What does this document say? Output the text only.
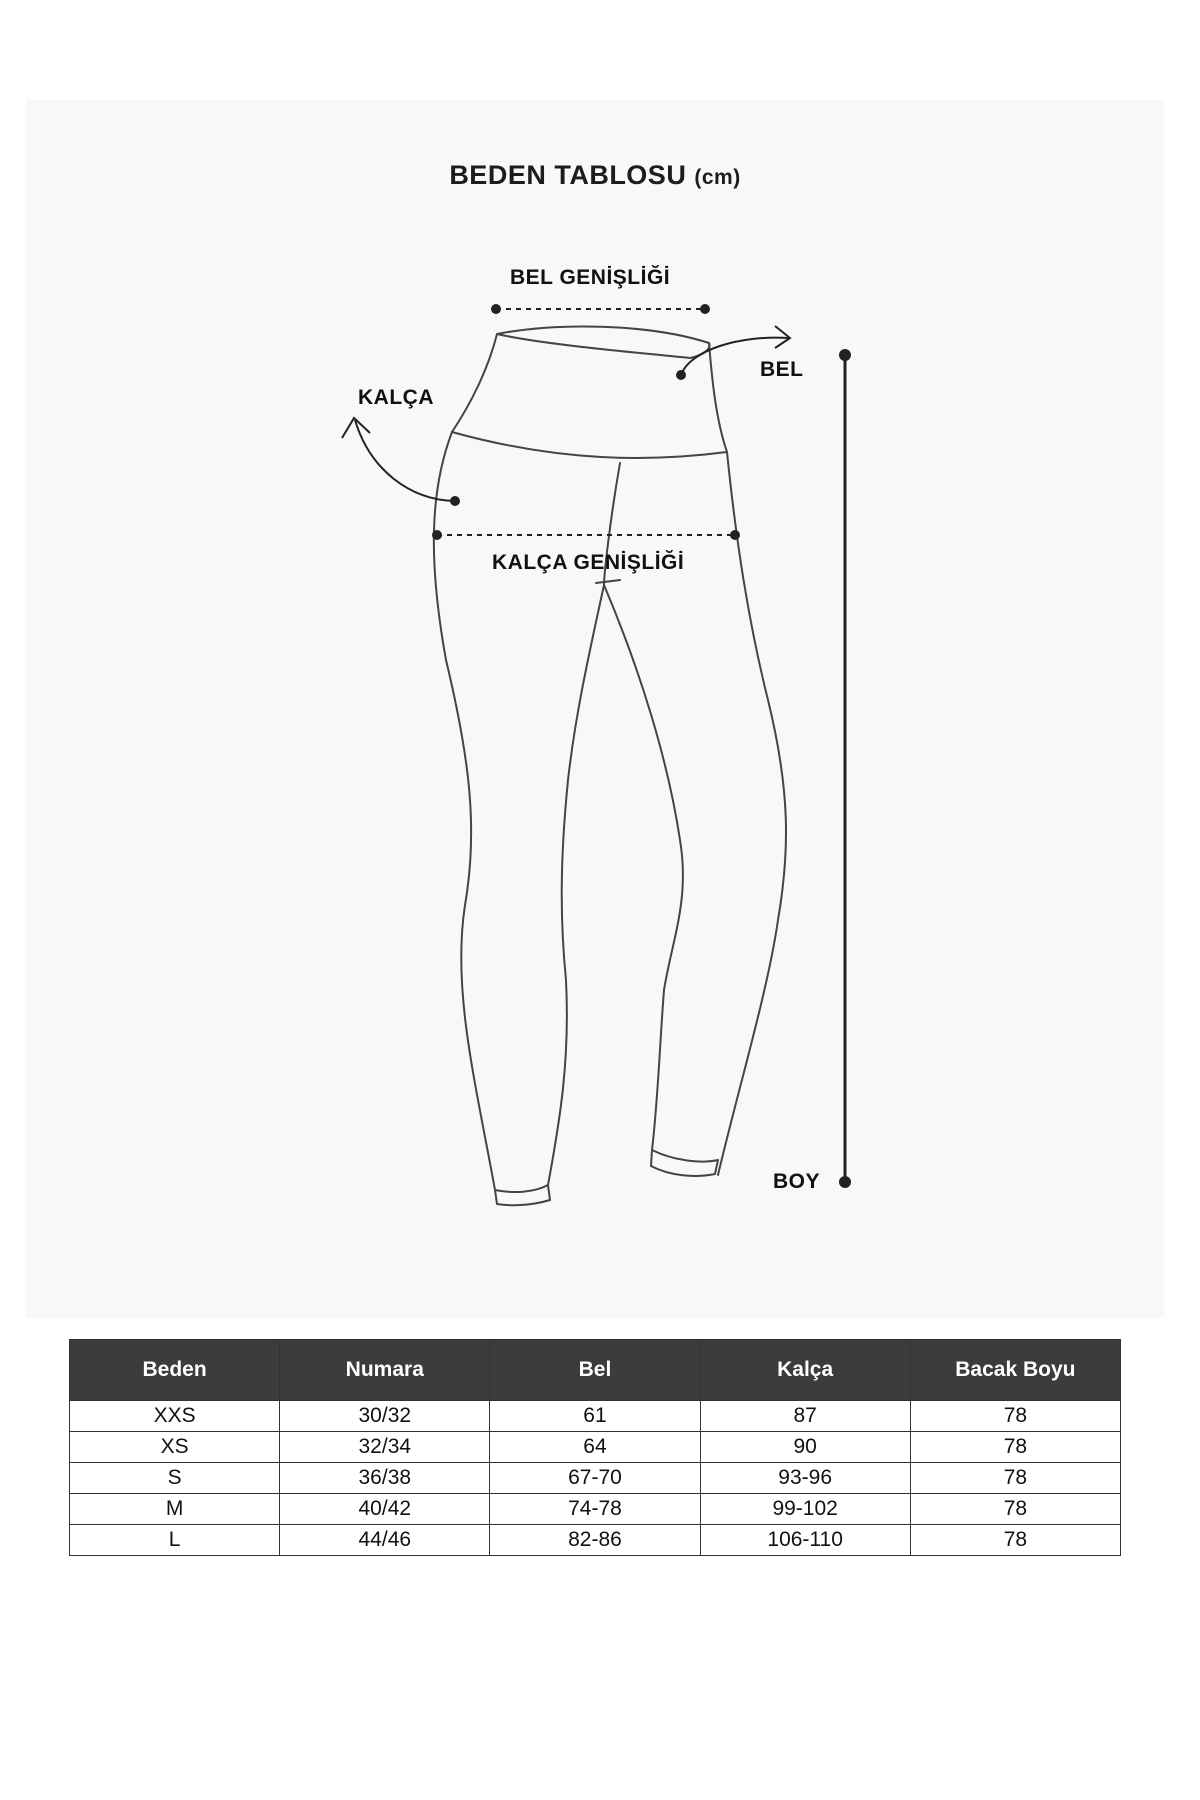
BEDEN TABLOSU (cm)
BEL GENİŞLİĞİ
BEL
KALÇA
KALÇA GENİŞLİĞİ
BOY
Beden	Numara	Bel	Kalça	Bacak Boyu
XXS	30/32	61	87	78
XS	32/34	64	90	78
S	36/38	67-70	93-96	78
M	40/42	74-78	99-102	78
L	44/46	82-86	106-110	78
